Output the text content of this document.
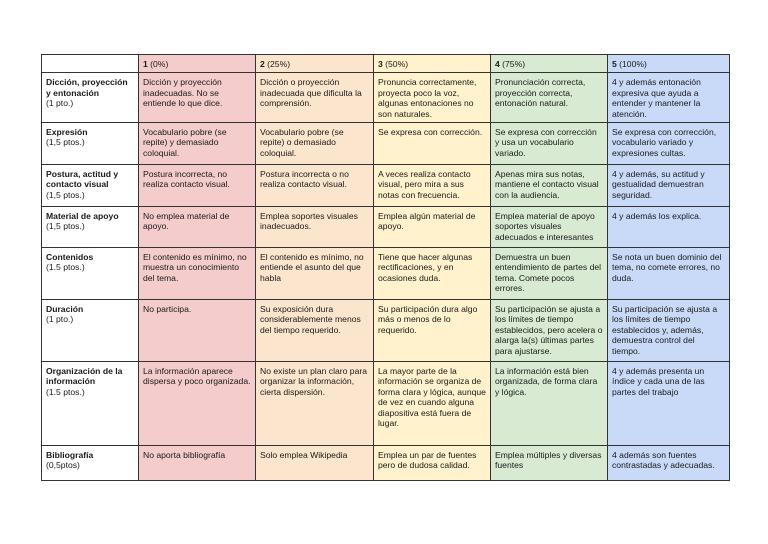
	1 (0%)	2 (25%)	3 (50%)	4 (75%)	5 (100%)

Dicción, proyección y entonación
(1 pto.)	Dicción y proyección inadecuadas. No se entiende lo que dice.	Dicción o proyección inadecuada que dificulta la comprensión.	Pronuncia correctamente, proyecta poco la voz, algunas entonaciones no son naturales.	Pronunciación correcta, proyección correcta, entonación natural.	4 y además entonación expresiva que ayuda a entender y mantener la atención.

Expresión
(1,5 ptos.)	Vocabulario pobre (se repite) y demasiado coloquial.	Vocabulario pobre (se repite) o demasiado coloquial.	Se expresa con corrección.	Se expresa con corrección y usa un vocabulario variado.	Se expresa con corrección, vocabulario variado y expresiones cultas.

Postura, actitud y contacto visual
(1,5 ptos.)	Postura incorrecta, no realiza contacto visual.	Postura incorrecta o no realiza contacto visual.	A veces realiza contacto visual, pero mira a sus notas con frecuencia.	Apenas mira sus notas, mantiene el contacto visual con la audiencia.	4 y además, su actitud y gestualidad demuestran seguridad.

Material de apoyo
(1,5 ptos.)	No emplea material de apoyo.	Emplea soportes visuales inadecuados.	Emplea algún material de apoyo.	Emplea material de apoyo soportes visuales adecuados e interesantes	4 y además los explica.

Contenidos
(1.5 ptos.)	El contenido es mínimo, no muestra un conocimiento del tema.	El contenido es mínimo, no entiende el asunto del que habla	Tiene que hacer algunas rectificaciones, y en ocasiones duda.	Demuestra un buen entendimiento de partes del tema. Comete pocos errores.	Se nota un buen dominio del tema, no comete errores, no duda.

Duración
(1 pto.)	No participa.	Su exposición dura considerablemente menos del tiempo requerido.	Su participación dura algo más o menos de lo requerido.	Su participación se ajusta a los límites de tiempo establecidos, pero acelera o alarga la(s) últimas partes para ajustarse.	Su participación se ajusta a los límites de tiempo establecidos y, además, demuestra control del tiempo.

Organización de la información
(1.5 ptos.)	La información aparece dispersa y poco organizada.	No existe un plan claro para organizar la información, cierta dispersión.	La mayor parte de la información se organiza de forma clara y lógica, aunque de vez en cuando alguna diapositiva está fuera de lugar.	La información está bien organizada, de forma clara y lógica.	4 y además presenta un índice y cada una de las partes del trabajo

Bibliografía
(0,5ptos)	No aporta bibliografía	Solo emplea Wikipedia	Emplea un par de fuentes pero de dudosa calidad.	Emplea múltiples y diversas fuentes	4 además son fuentes contrastadas y adecuadas.
